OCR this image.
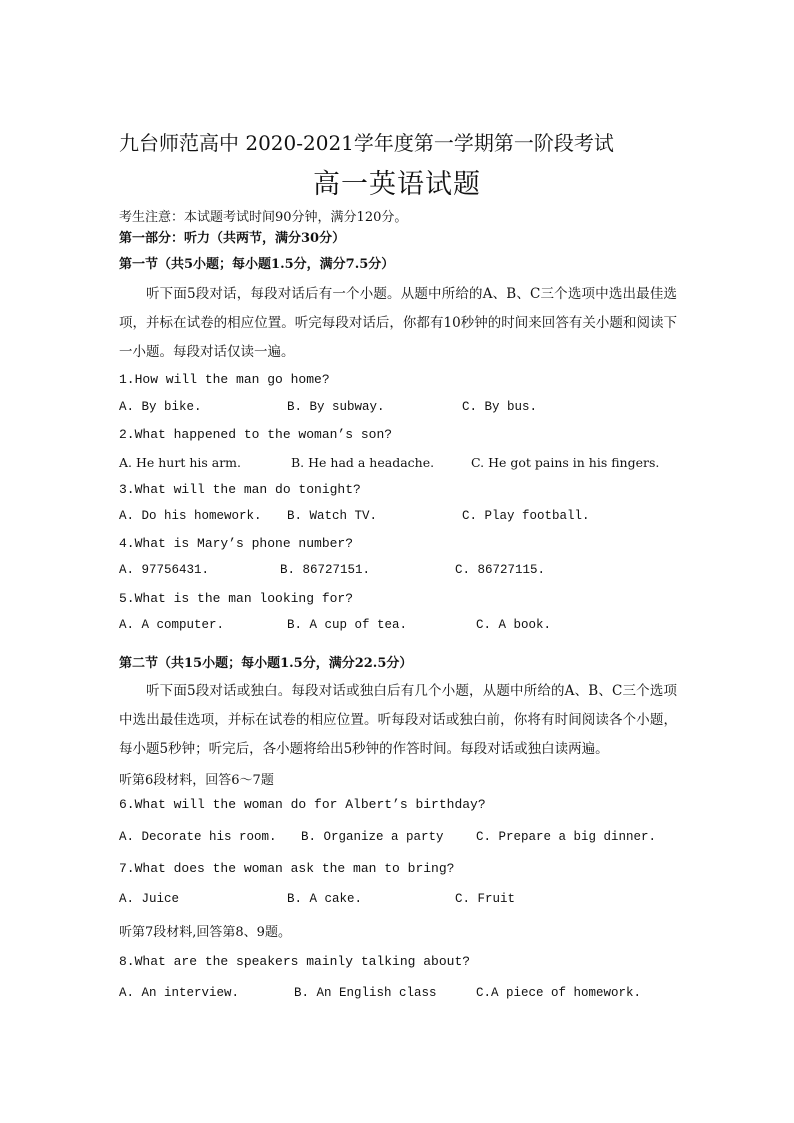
九台师范高中 2020-2021学年度第一学期第一阶段考试
高一英语试题
考生注意：本试题考试时间90分钟，满分120分。
第一部分：听力（共两节，满分30分）
第一节（共5小题；每小题1.5分，满分7.5分）
听下面5段对话，每段对话后有一个小题。从题中所给的A、B、C三个选项中选出最佳选项，并标在试卷的相应位置。听完每段对话后，你都有10秒钟的时间来回答有关小题和阅读下一小题。每段对话仅读一遍。
1.How will the man go home?
A. By bike.	B. By subway.	C. By bus.
2.What happened to the woman’s son?
A. He hurt his arm.	B. He had a headache.	C. He got pains in his fingers.
3.What will the man do tonight?
A. Do his homework. B. Watch TV.	C. Play football.
4.What is Mary’s phone number?
A. 97756431.	B. 86727151.	C. 86727115.
5.What is the man looking for?
A. A computer.	B. A cup of tea.	C. A book.
第二节（共15小题；每小题1.5分，满分22.5分）
听下面5段对话或独白。每段对话或独白后有几个小题，从题中所给的A、B、C三个选项中选出最佳选项，并标在试卷的相应位置。听每段对话或独白前，你将有时间阅读各个小题，每小题5秒钟；听完后，各小题将给出5秒钟的作答时间。每段对话或独白读两遍。
听第6段材料，回答6～7题
6.What will the woman do for Albert’s birthday?
A. Decorate his room. B. Organize a party	C. Prepare a big dinner.
7.What does the woman ask the man to bring?
A. Juice	B. A cake.	C. Fruit
听第7段材料,回答第8、9题。
8.What are the speakers mainly talking about?
A. An interview.	B. An English class	C.A piece of homework.
